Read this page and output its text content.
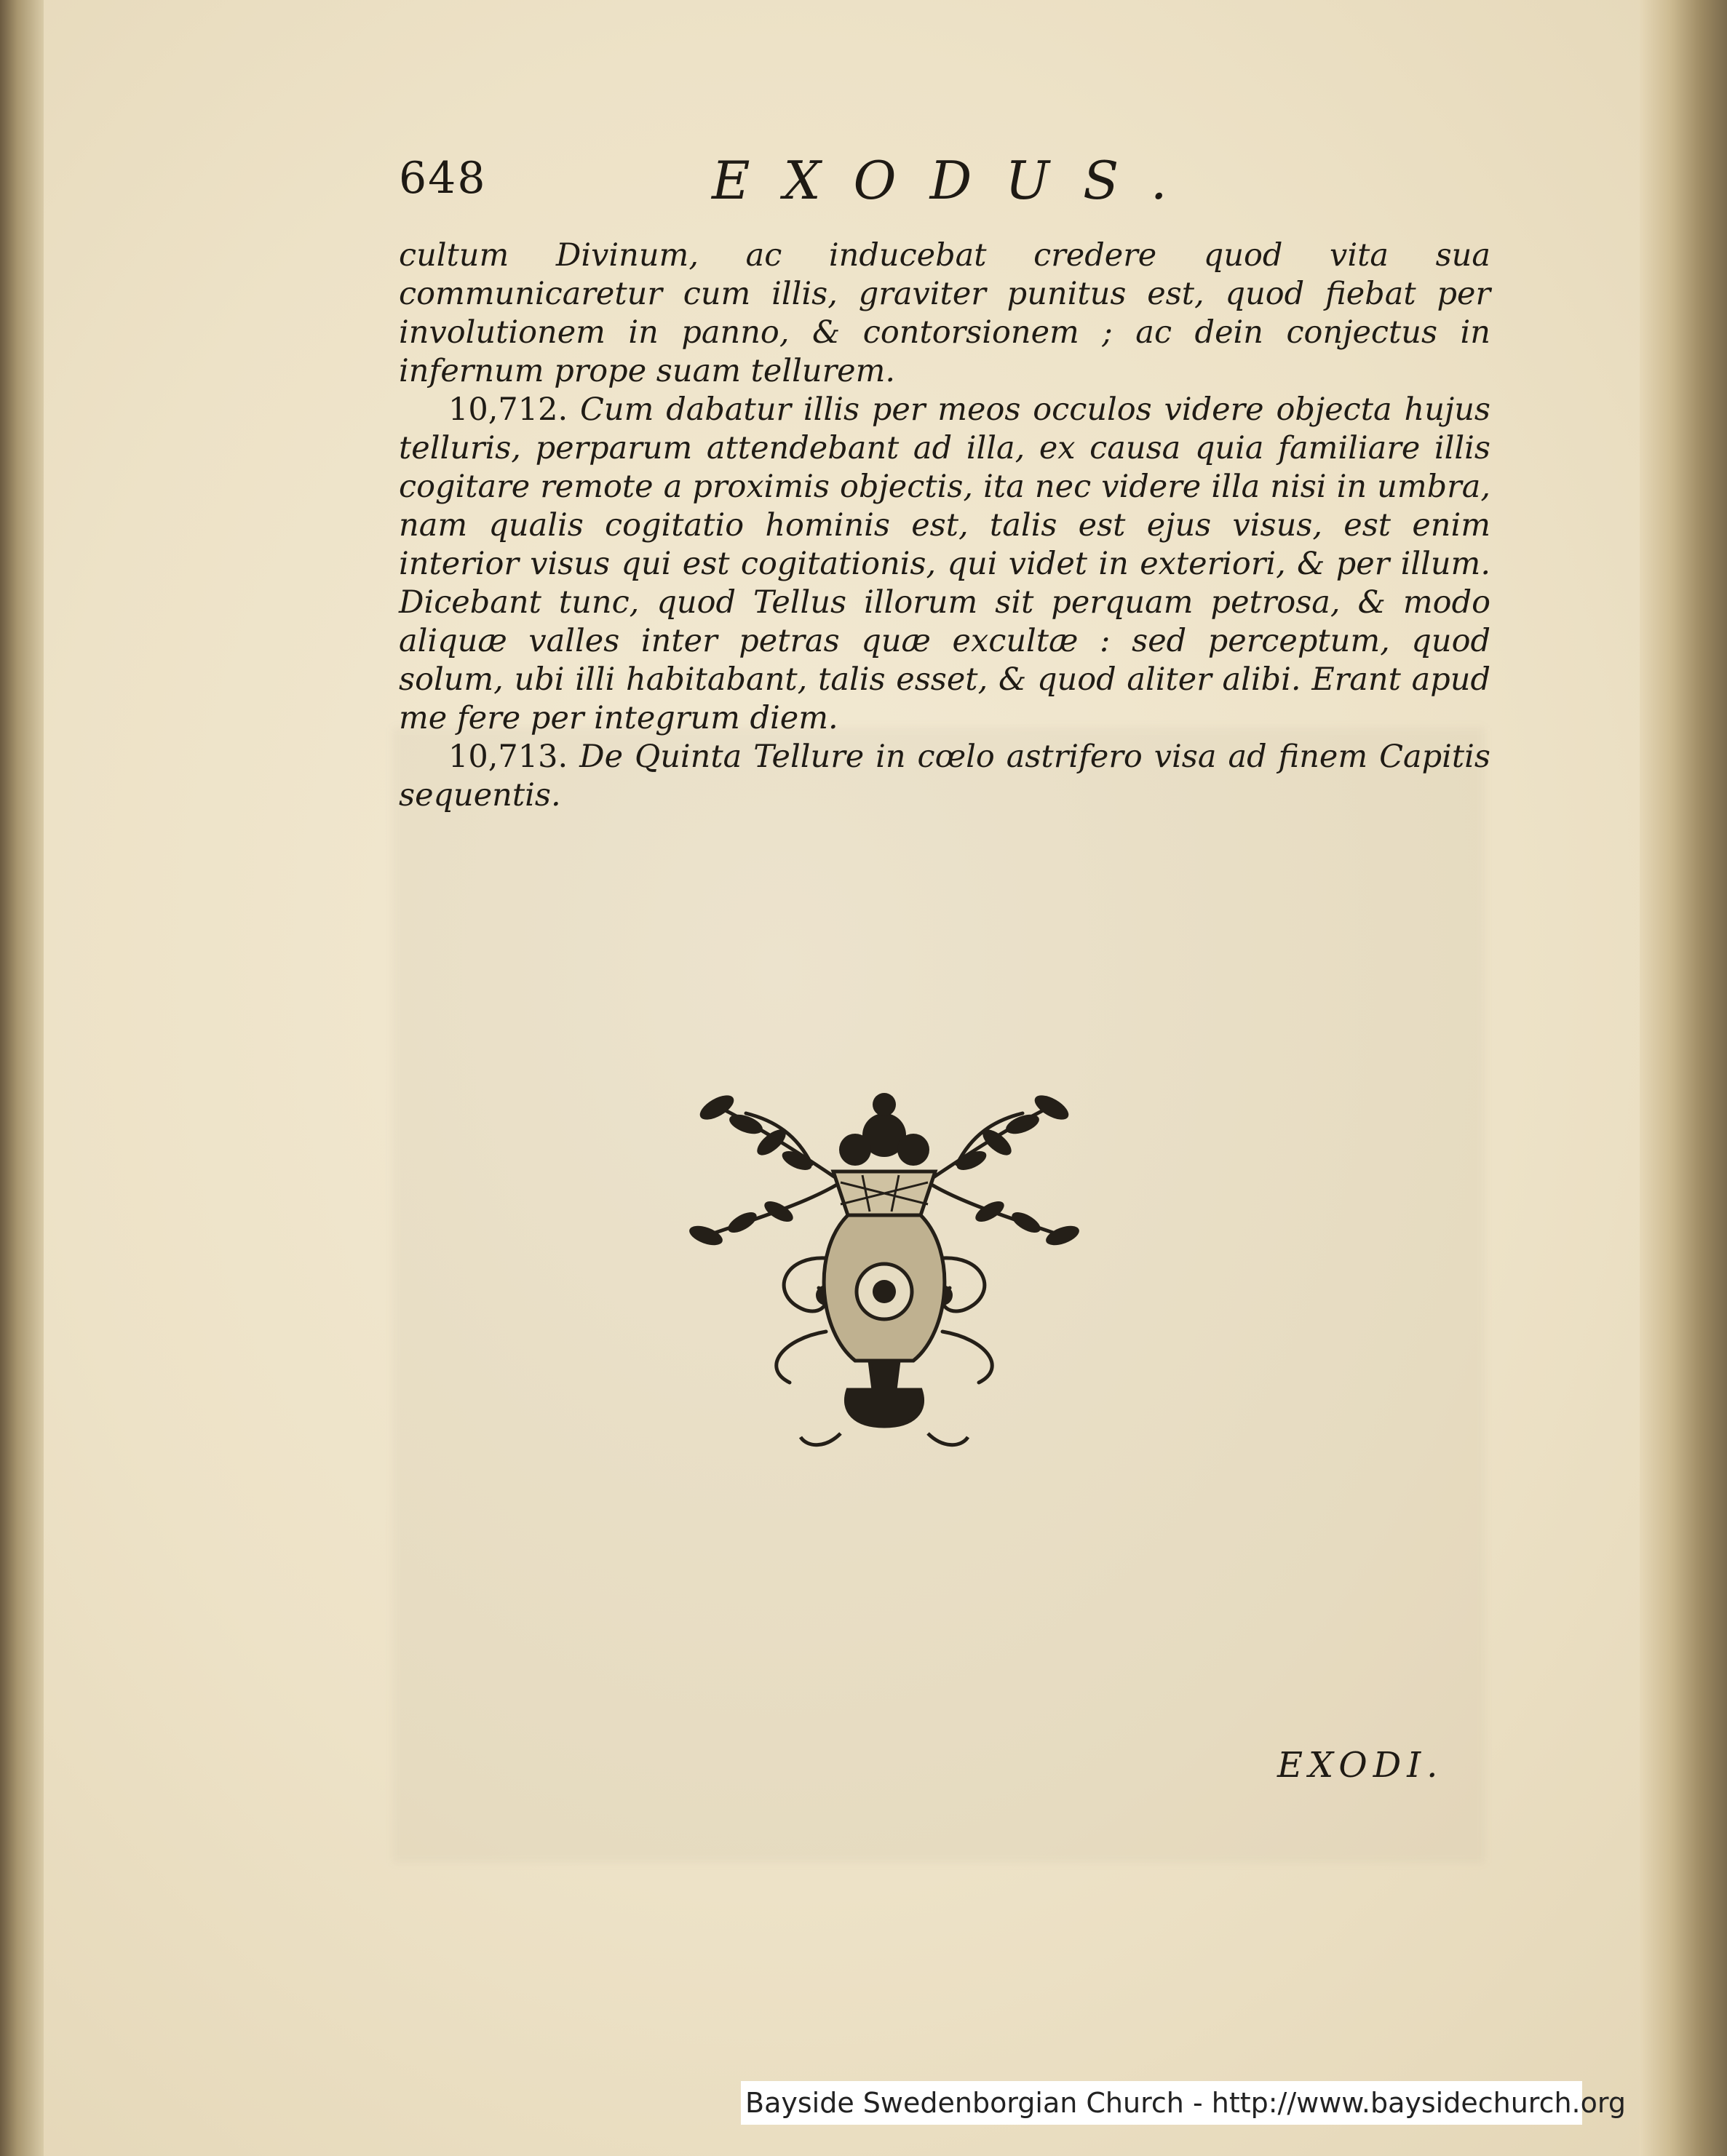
648	EXODUS.

cultum Divinum, ac inducebat credere quod vita sua communicaretur cum illis, graviter punitus est, quod fiebat per involutionem in panno, & contorsionem ; ac dein conjectus in infernum prope suam tellurem.

10,712. Cum dabatur illis per meos occulos videre objecta hujus telluris, perparum attendebant ad illa, ex causa quia familiare illis cogitare remote a proximis objectis, ita nec videre illa nisi in umbra, nam qualis cogitatio hominis est, talis est ejus visus, est enim interior visus qui est cogitationis, qui videt in exteriori, & per illum. Dicebant tunc, quod Tellus illorum sit perquam petrosa, & modo aliquæ valles inter petras quæ excultæ : sed perceptum, quod solum, ubi illi habitabant, talis esset, & quod aliter alibi. Erant apud me fere per integrum diem.

10,713. De Quinta Tellure in cœlo astrifero visa ad finem Capitis sequentis.

EXODI.
Bayside Swedenborgian Church - http://www.baysidechurch.org
